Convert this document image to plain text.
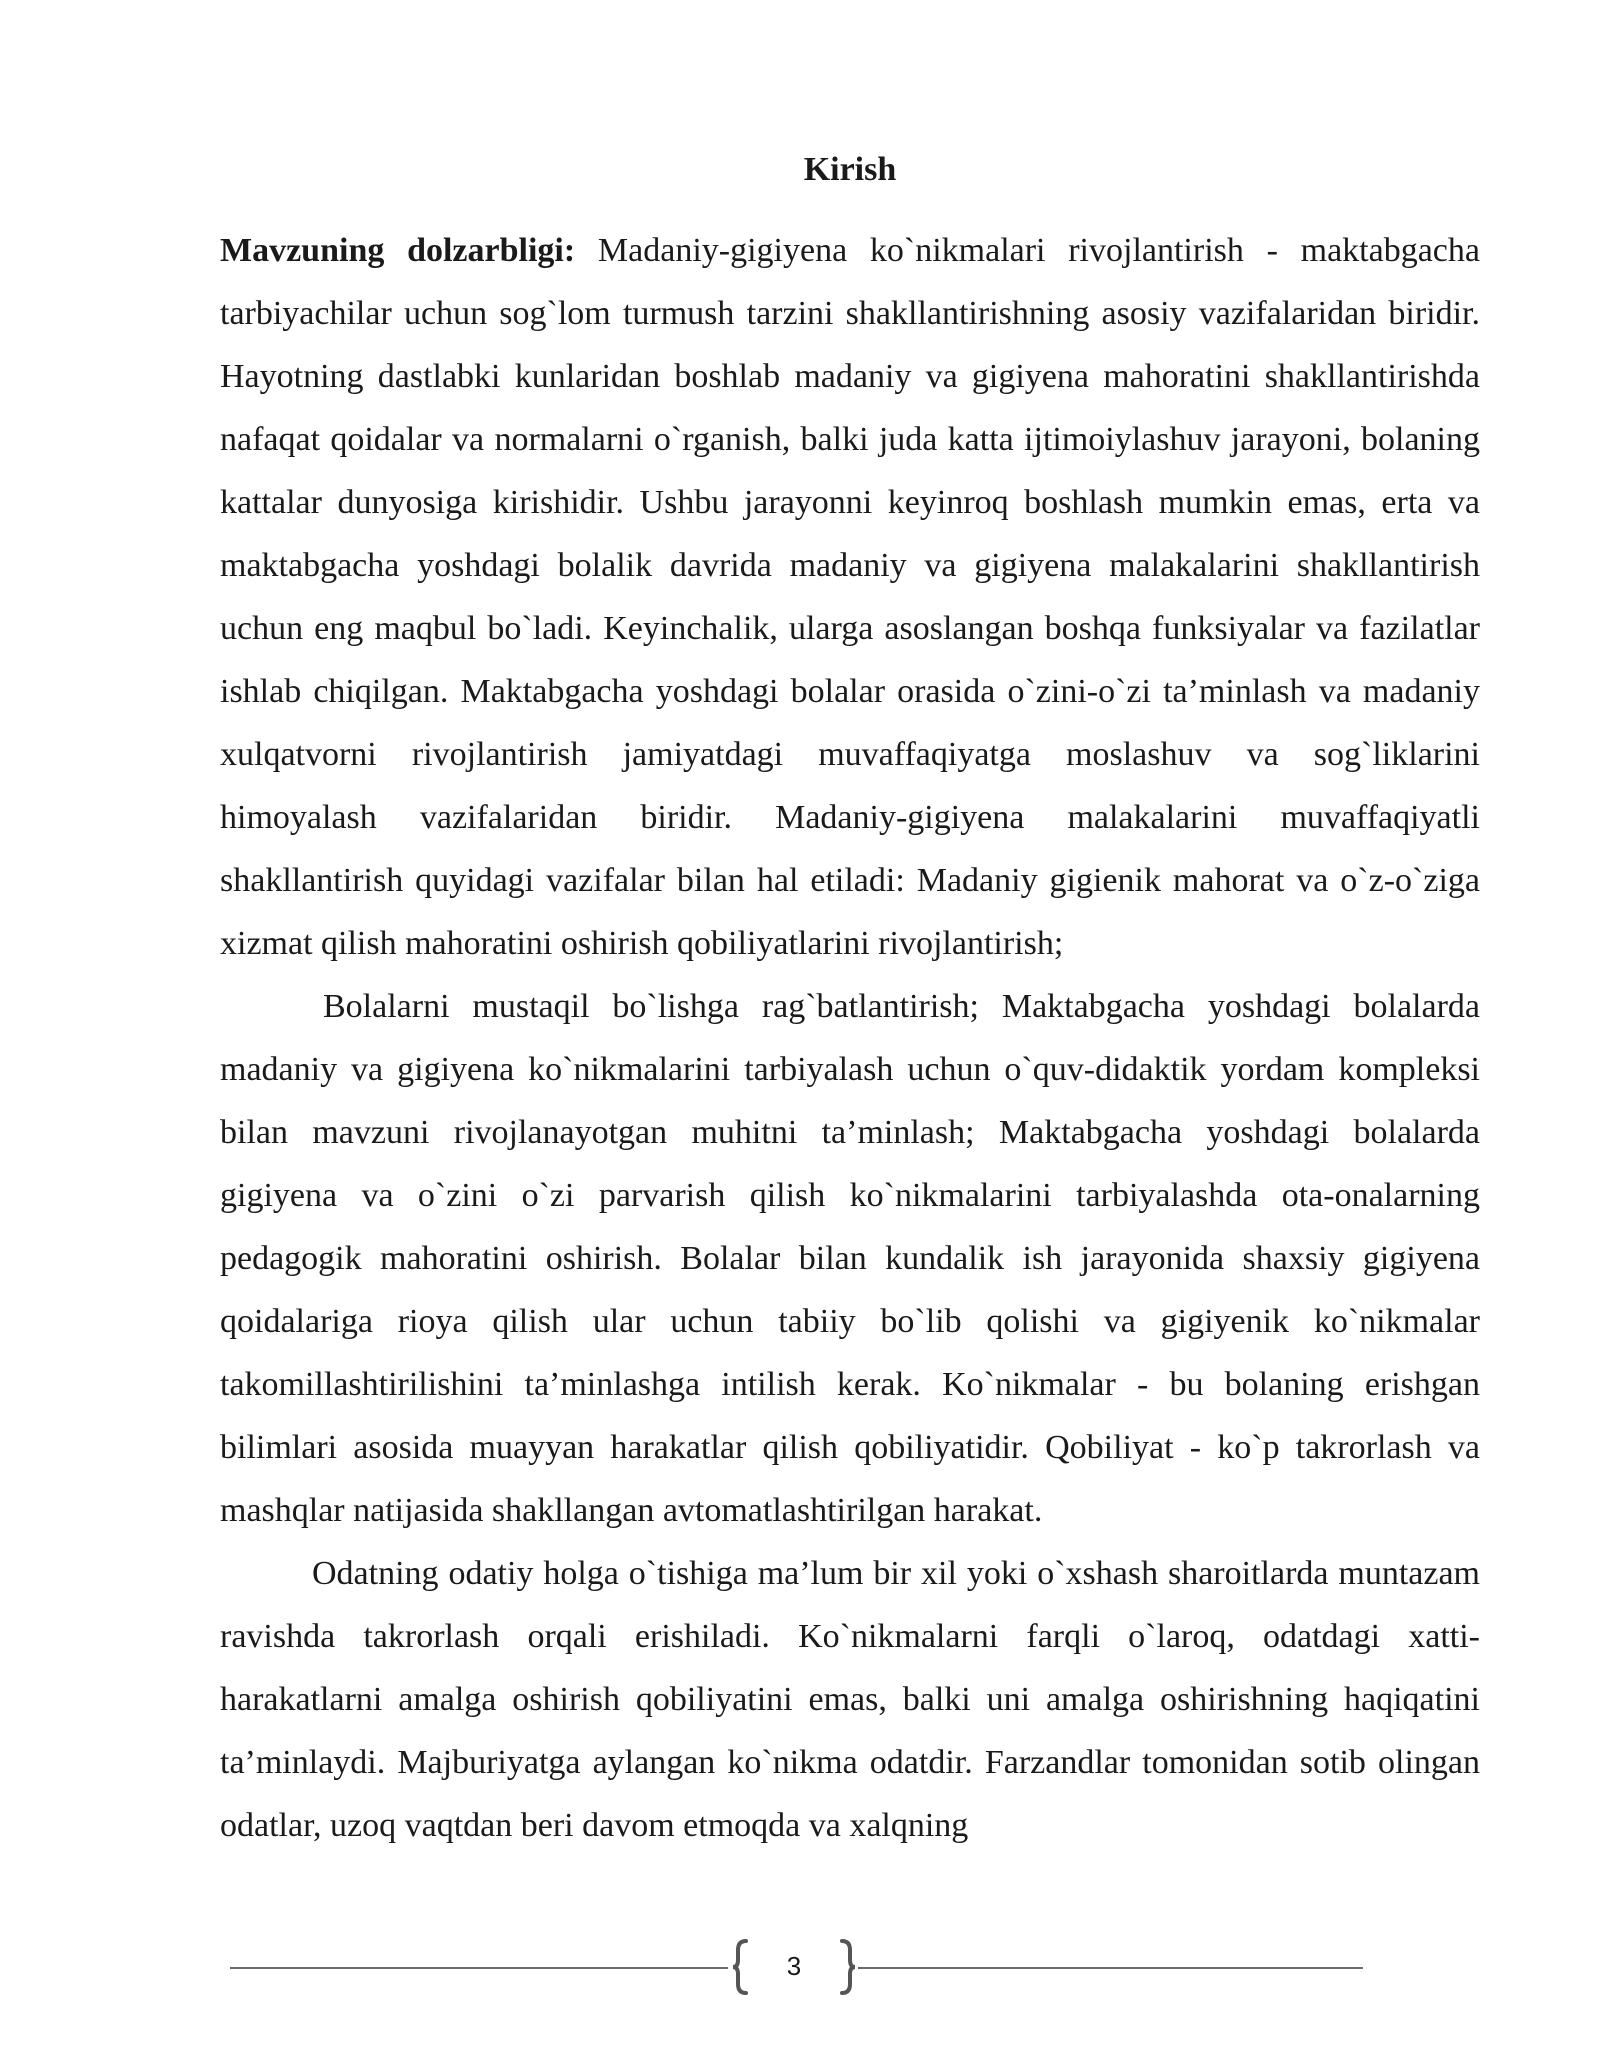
Kirish

Mavzuning dolzarbligi: Madaniy-gigiyena ko`nikmalari rivojlantirish - maktabgacha tarbiyachilar uchun sog`lom turmush tarzini shakllantirishning asosiy vazifalaridan biridir. Hayotning dastlabki kunlaridan boshlab madaniy va gigiyena mahoratini shakllantirishda nafaqat qoidalar va normalarni o`rganish, balki juda katta ijtimoiylashuv jarayoni, bolaning kattalar dunyosiga kirishidir. Ushbu jarayonni keyinroq boshlash mumkin emas, erta va maktabgacha yoshdagi bolalik davrida madaniy va gigiyena malakalarini shakllantirish uchun eng maqbul bo`ladi. Keyinchalik, ularga asoslangan boshqa funksiyalar va fazilatlar ishlab chiqilgan. Maktabgacha yoshdagi bolalar orasida o`zini-o`zi ta’minlash va madaniy xulqatvorni rivojlantirish jamiyatdagi muvaffaqiyatga moslashuv va sog`liklarini himoyalash vazifalaridan biridir. Madaniy-gigiyena malakalarini muvaffaqiyatli shakllantirish quyidagi vazifalar bilan hal etiladi: Madaniy gigienik mahorat va o`z-o`ziga xizmat qilish mahoratini oshirish qobiliyatlarini rivojlantirish;

Bolalarni mustaqil bo`lishga rag`batlantirish; Maktabgacha yoshdagi bolalarda madaniy va gigiyena ko`nikmalarini tarbiyalash uchun o`quv-didaktik yordam kompleksi bilan mavzuni rivojlanayotgan muhitni ta’minlash; Maktabgacha yoshdagi bolalarda gigiyena va o`zini o`zi parvarish qilish ko`nikmalarini tarbiyalashda ota-onalarning pedagogik mahoratini oshirish. Bolalar bilan kundalik ish jarayonida shaxsiy gigiyena qoidalariga rioya qilish ular uchun tabiiy bo`lib qolishi va gigiyenik ko`nikmalar takomillashtirilishini ta’minlashga intilish kerak. Ko`nikmalar - bu bolaning erishgan bilimlari asosida muayyan harakatlar qilish qobiliyatidir. Qobiliyat - ko`p takrorlash va mashqlar natijasida shakllangan avtomatlashtirilgan harakat.

Odatning odatiy holga o`tishiga ma’lum bir xil yoki o`xshash sharoitlarda muntazam ravishda takrorlash orqali erishiladi. Ko`nikmalarni farqli o`laroq, odatdagi xatti-harakatlarni amalga oshirish qobiliyatini emas, balki uni amalga oshirishning haqiqatini ta’minlaydi. Majburiyatga aylangan ko`nikma odatdir. Farzandlar tomonidan sotib olingan odatlar, uzoq vaqtdan beri davom etmoqda va xalqning

3
